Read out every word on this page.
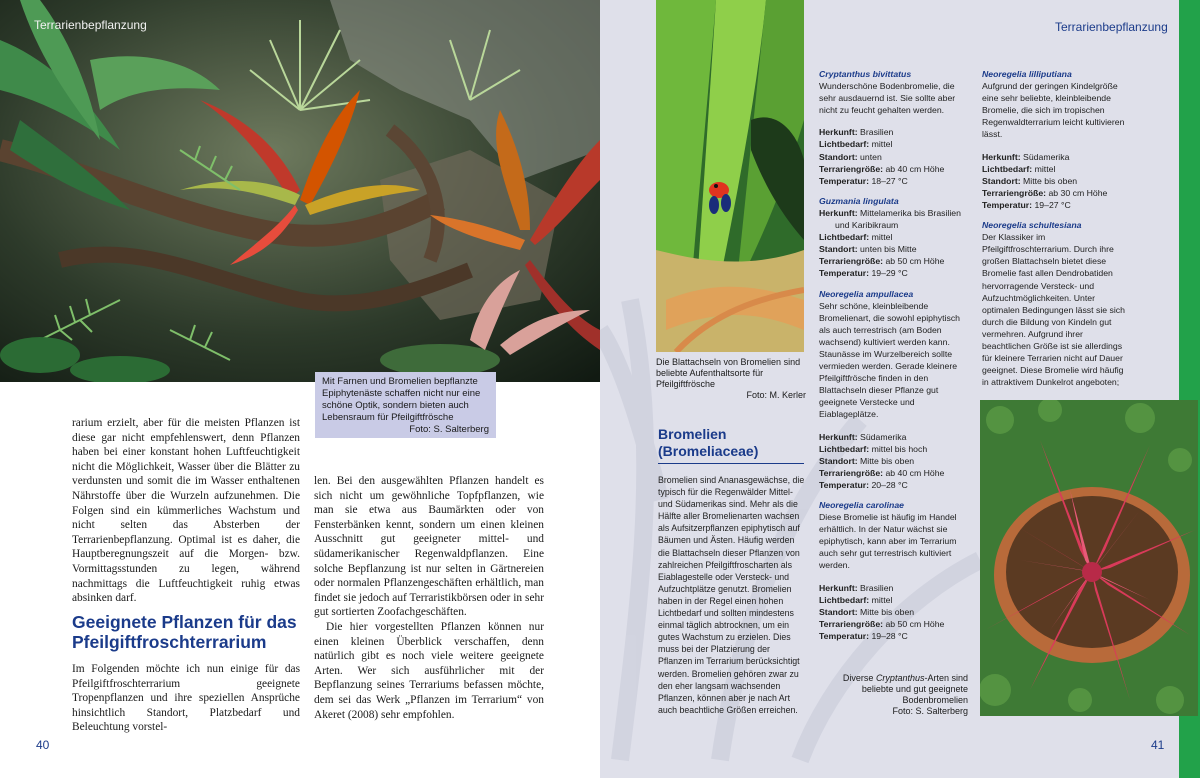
Terrarienbepflanzung
Mit Farnen und Bromelien bepflanzte Epiphytenäste schaffen nicht nur eine schöne Optik, sondern bieten auch Lebensraum für Pfeilgiftfrösche
Foto: S. Salterberg

rarium erzielt, aber für die meisten Pflanzen ist diese gar nicht empfehlenswert, denn Pflanzen haben bei einer konstant hohen Luftfeuchtigkeit nicht die Möglichkeit, Wasser über die Blätter zu verdunsten und somit die im Wasser enthaltenen Nährstoffe über die Wurzeln aufzunehmen. Die Folgen sind ein kümmerliches Wachstum und nicht selten das Absterben der Terrarienbepflanzung. Optimal ist es daher, die Hauptberegnungszeit auf die Morgen- bzw. Vormittagsstunden zu legen, während nachmittags die Luftfeuchtigkeit ruhig etwas absinken darf.

Geeignete Pflanzen für das Pfeilgiftfroschterrarium

Im Folgenden möchte ich nun einige für das Pfeilgiftfroschterrarium geeignete Tropenpflanzen und ihre speziellen Ansprüche hinsichtlich Standort, Platzbedarf und Beleuchtung vorstel-

len. Bei den ausgewählten Pflanzen handelt es sich nicht um gewöhnliche Topfpflanzen, wie man sie etwa aus Baumärkten oder von Fensterbänken kennt, sondern um einen kleinen Ausschnitt gut geeigneter mittel- und südamerikanischer Regenwaldpflanzen. Eine solche Bepflanzung ist nur selten in Gärtnereien oder normalen Pflanzengeschäften erhältlich, man findet sie jedoch auf Terraristikbörsen oder in sehr gut sortierten Zoofachgeschäften.

Die hier vorgestellten Pflanzen können nur einen kleinen Überblick verschaffen, denn natürlich gibt es noch viele weitere geeignete Arten. Wer sich ausführlicher mit der Bepflanzung seines Terrariums befassen möchte, dem sei das Werk „Pflanzen im Terrarium“ von Akeret (2008) sehr empfohlen.

40
Terrarienbepflanzung
Die Blattachseln von Bromelien sind beliebte Aufenthaltsorte für Pfeilgiftfrösche
Foto: M. Kerler
Bromelien
(Bromeliaceae)
Bromelien sind Ananasgewächse, die typisch für die Regenwälder Mittel- und Südamerikas sind. Mehr als die Hälfte aller Bromelienarten wachsen als Aufsitzerpflanzen epiphytisch auf Bäumen und Ästen. Häufig werden die Blattachseln dieser Pflanzen von zahlreichen Pfeilgiftfroscharten als Eiablagestelle oder Versteck- und Aufzuchtplätze genutzt. Bromelien haben in der Regel einen hohen Lichtbedarf und sollten mindestens einmal täglich abtrocknen, um ein gutes Wachstum zu erzielen. Dies muss bei der Platzierung der Pflanzen im Terrarium berücksichtigt werden. Bromelien gehören zwar zu den eher langsam wachsenden Pflanzen, können aber je nach Art auch beachtliche Größen erreichen.
Cryptanthus bivittatus
Wunderschöne Bodenbromelie, die sehr ausdauernd ist. Sie sollte aber nicht zu feucht gehalten werden.
Herkunft: Brasilien
Lichtbedarf: mittel
Standort: unten
Terrariengröße: ab 40 cm Höhe
Temperatur: 18–27 °C
Guzmania lingulata
Herkunft: Mittelamerika bis Brasilien
und Karibikraum
Lichtbedarf: mittel
Standort: unten bis Mitte
Terrariengröße: ab 50 cm Höhe
Temperatur: 19–29 °C
Neoregelia ampullacea
Sehr schöne, kleinbleibende Bromelienart, die sowohl epiphytisch als auch terrestrisch (am Boden wachsend) kultiviert werden kann. Staunässe im Wurzelbereich sollte vermieden werden. Gerade kleinere Pfeilgiftfrösche finden in den Blattachseln dieser Pflanze gut geeignete Verstecke und Eiablageplätze.
Herkunft: Südamerika
Lichtbedarf: mittel bis hoch
Standort: Mitte bis oben
Terrariengröße: ab 40 cm Höhe
Temperatur: 20–28 °C
Neoregelia carolinae
Diese Bromelie ist häufig im Handel erhältlich. In der Natur wächst sie epiphytisch, kann aber im Terrarium auch sehr gut terrestrisch kultiviert werden.
Herkunft: Brasilien
Lichtbedarf: mittel
Standort: Mitte bis oben
Terrariengröße: ab 50 cm Höhe
Temperatur: 19–28 °C
Neoregelia lilliputiana
Aufgrund der geringen Kindelgröße eine sehr beliebte, kleinbleibende Bromelie, die sich im tropischen Regenwaldterrarium leicht kultivieren lässt.
Herkunft: Südamerika
Lichtbedarf: mittel
Standort: Mitte bis oben
Terrariengröße: ab 30 cm Höhe
Temperatur: 19–27 °C
Neoregelia schultesiana
Der Klassiker im Pfeilgiftfroschterrarium. Durch ihre großen Blattachseln bietet diese Bromelie fast allen Dendrobatiden hervorragende Versteck- und Aufzuchtmöglichkeiten. Unter optimalen Bedingungen lässt sie sich durch die Bildung von Kindeln gut vermehren. Aufgrund ihrer beachtlichen Größe ist sie allerdings für kleinere Terrarien nicht auf Dauer geeignet. Diese Bromelie wird häufig in attraktivem Dunkelrot angeboten;
Diverse Cryptanthus-Arten sind beliebte und gut geeignete Bodenbromelien
Foto: S. Salterberg
41
